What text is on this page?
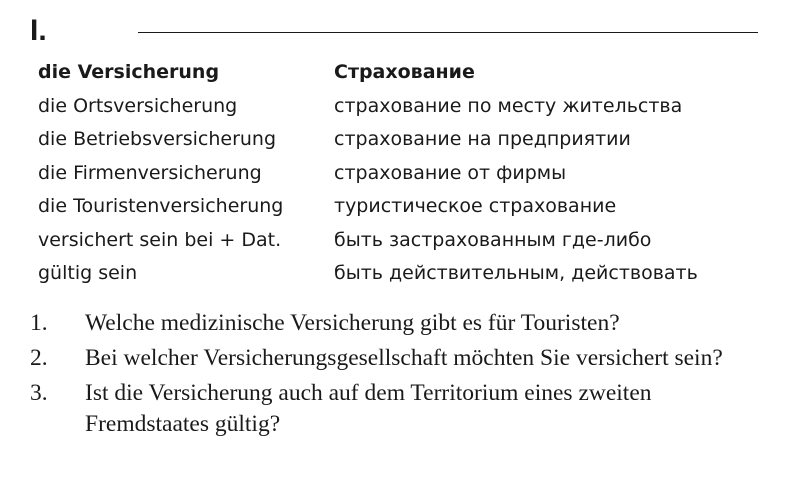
I.
die Versicherung	Страхование
die Ortsversicherung	страхование по месту жительства
die Betriebsversicherung	страхование на предприятии
die Firmenversicherung	страхование от фирмы
die Touristenversicherung	туристическое страхование
versichert sein bei + Dat.	быть застрахованным где-либо
gültig sein	быть действительным, действовать
1.	Welche medizinische Versicherung gibt es für Touristen?
2.	Bei welcher Versicherungsgesellschaft möchten Sie versichert sein?
3.	Ist die Versicherung auch auf dem Territorium eines zweiten Fremdstaates gültig?
